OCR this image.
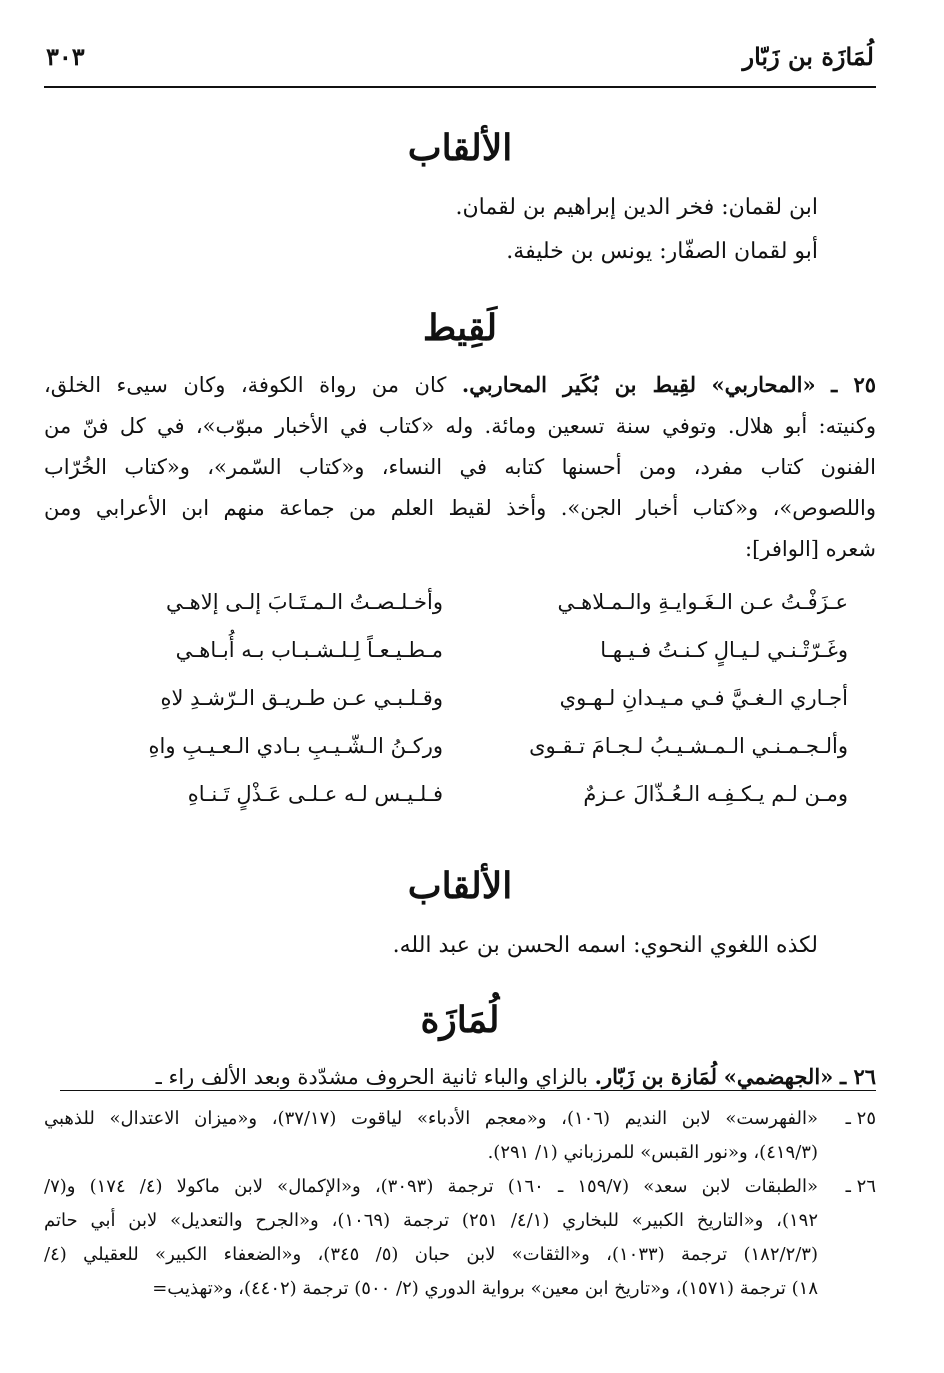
لُمَازَة بن زَبّار
٣٠٣
الألقاب

ابن لقمان: فخر الدين إبراهيم بن لقمان.

أبو لقمان الصفّار: يونس بن خليفة.

لَقِيط

٢٥ ـ «المحاربي» لقِيط بن بُكَير المحاربي. كان من رواة الكوفة، وكان سيىء الخلق،

وكنيته: أبو هلال. وتوفي سنة تسعين ومائة. وله «كتاب في الأخبار مبوّب»، في كل فنّ من

الفنون كتاب مفرد، ومن أحسنها كتابه في النساء، و«كتاب السّمر»، و«كتاب الخُرّاب

واللصوص»، و«كتاب أخبار الجن». وأخذ لقيط العلم من جماعة منهم ابن الأعرابي ومن

شعره [الوافر]:

عـزَفْـتُ عـن الـغَـوايـةِ والـمـلاهـي
وأخـلـصـتُ الـمـتَـابَ إلـى إلاهـي
وغَـرّتْـنـي لـيـالٍ كـنـتُ فـيـهـا
مـطـيـعـاً لِـلـشـبـاب بـه أُبـاهـي
أجـاري الـغـيَّ فـي مـيـدانِ لـهـوي
وقـلـبـي عـن طـريـق الـرّشـدِ لاهِ
وألـجـمـنـي الـمـشـيـبُ لـجـامَ تـقـوى
وركـنُ الـشّـيـبِ بـادي الـعـيـبِ واهِ
ومـن لـم يـكـفِـه الـعُـذّالَ عـزمٌ
فـلـيـس لـه عـلـى عَـذْلٍ تَـنـاهِ
الألقاب

لكذه اللغوي النحوي: اسمه الحسن بن عبد الله.

لُمَازَة

٢٦ ـ «الجهضمي» لُمَازة بن زَبّار. بالزاي والباء ثانية الحروف مشدّدة وبعد الألف راء ـ

٢٥ ـ

«الفهرست» لابن النديم (١٠٦)، و«معجم الأدباء» لياقوت (٣٧/١٧)، و«ميزان الاعتدال» للذهبي

(٤١٩/٣)، و«نور القبس» للمرزباني (١/ ٢٩١).

٢٦ ـ

«الطبقات لابن سعد» (١٥٩/٧ ـ ١٦٠) ترجمة (٣٠٩٣)، و«الإكمال» لابن ماكولا (٤/ ١٧٤) و(٧/

١٩٢)، و«التاريخ الكبير» للبخاري (٤/١/ ٢٥١) ترجمة (١٠٦٩)، و«الجرح والتعديل» لابن أبي حاتم

(١٨٢/٢/٣) ترجمة (١٠٣٣)، و«الثقات» لابن حبان (٥/ ٣٤٥)، و«الضعفاء الكبير» للعقيلي (٤/

١٨) ترجمة (١٥٧١)، و«تاريخ ابن معين» برواية الدوري (٢/ ٥٠٠) ترجمة (٤٤٠٢)، و«تهذيب=
